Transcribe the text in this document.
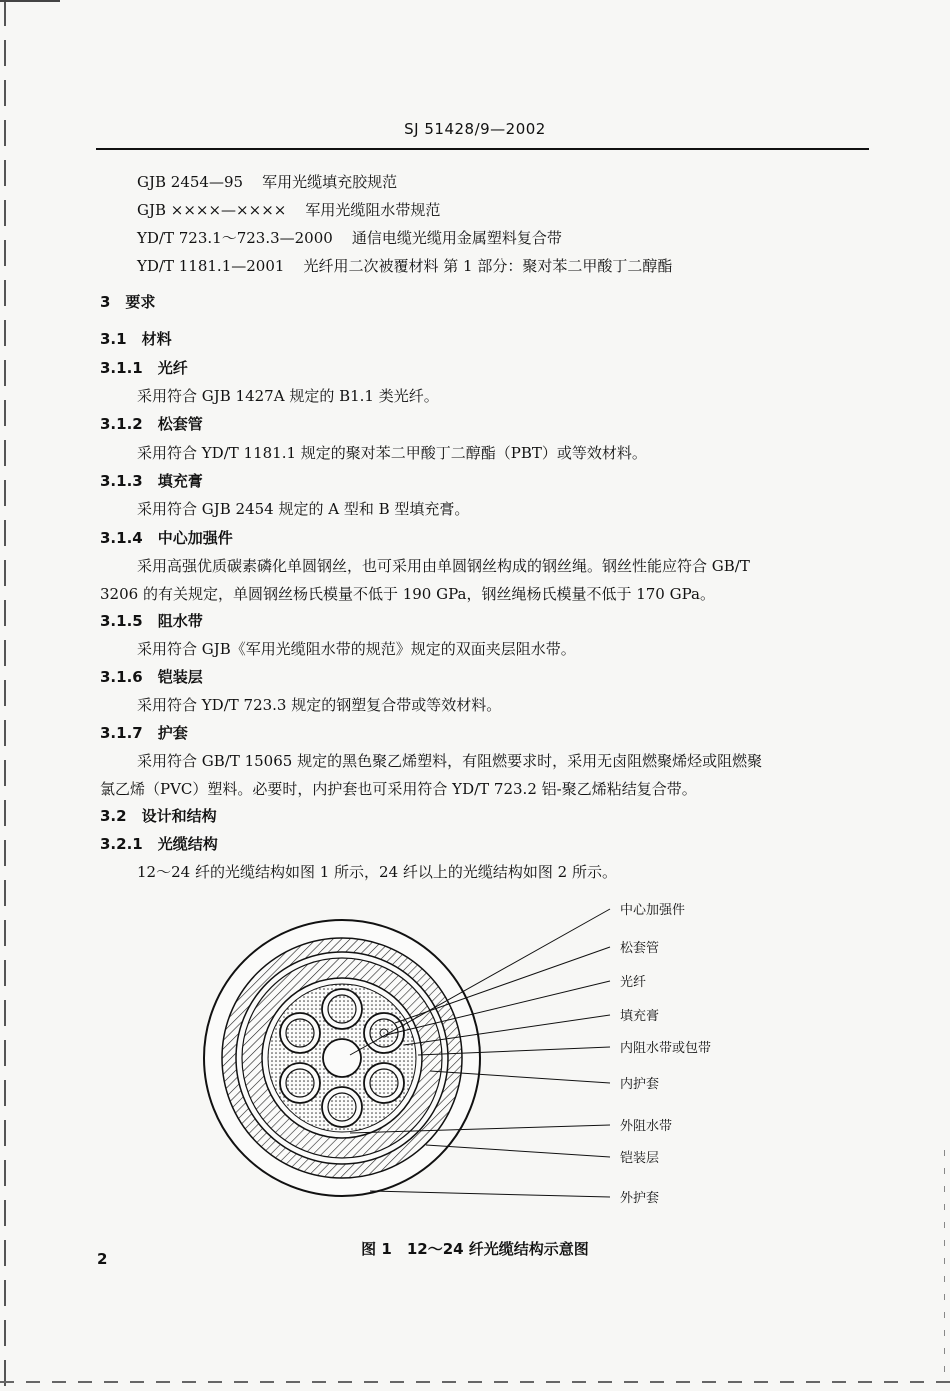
SJ 51428/9—2002
GJB 2454—95 军用光缆填充胶规范
GJB ××××—×××× 军用光缆阻水带规范
YD/T 723.1～723.3—2000 通信电缆光缆用金属塑料复合带
YD/T 1181.1—2001 光纤用二次被覆材料 第 1 部分：聚对苯二甲酸丁二醇酯
3　要求
3.1　材料
3.1.1　光纤
采用符合 GJB 1427A 规定的 B1.1 类光纤。
3.1.2　松套管
采用符合 YD/T 1181.1 规定的聚对苯二甲酸丁二醇酯（PBT）或等效材料。
3.1.3　填充膏
采用符合 GJB 2454 规定的 A 型和 B 型填充膏。
3.1.4　中心加强件
采用高强优质碳素磷化单圆钢丝，也可采用由单圆钢丝构成的钢丝绳。钢丝性能应符合 GB/T
3206 的有关规定，单圆钢丝杨氏模量不低于 190 GPa，钢丝绳杨氏模量不低于 170 GPa。
3.1.5　阻水带
采用符合 GJB《军用光缆阻水带的规范》规定的双面夹层阻水带。
3.1.6　铠装层
采用符合 YD/T 723.3 规定的钢塑复合带或等效材料。
3.1.7　护套
采用符合 GB/T 15065 规定的黑色聚乙烯塑料，有阻燃要求时，采用无卤阻燃聚烯烃或阻燃聚
氯乙烯（PVC）塑料。必要时，内护套也可采用符合 YD/T 723.2 铝-聚乙烯粘结复合带。
3.2　设计和结构
3.2.1　光缆结构
12～24 纤的光缆结构如图 1 所示，24 纤以上的光缆结构如图 2 所示。
中心加强件
松套管
光纤
填充膏
内阻水带或包带
内护套
外阻水带
铠装层
外护套
图 1　12～24 纤光缆结构示意图
2
